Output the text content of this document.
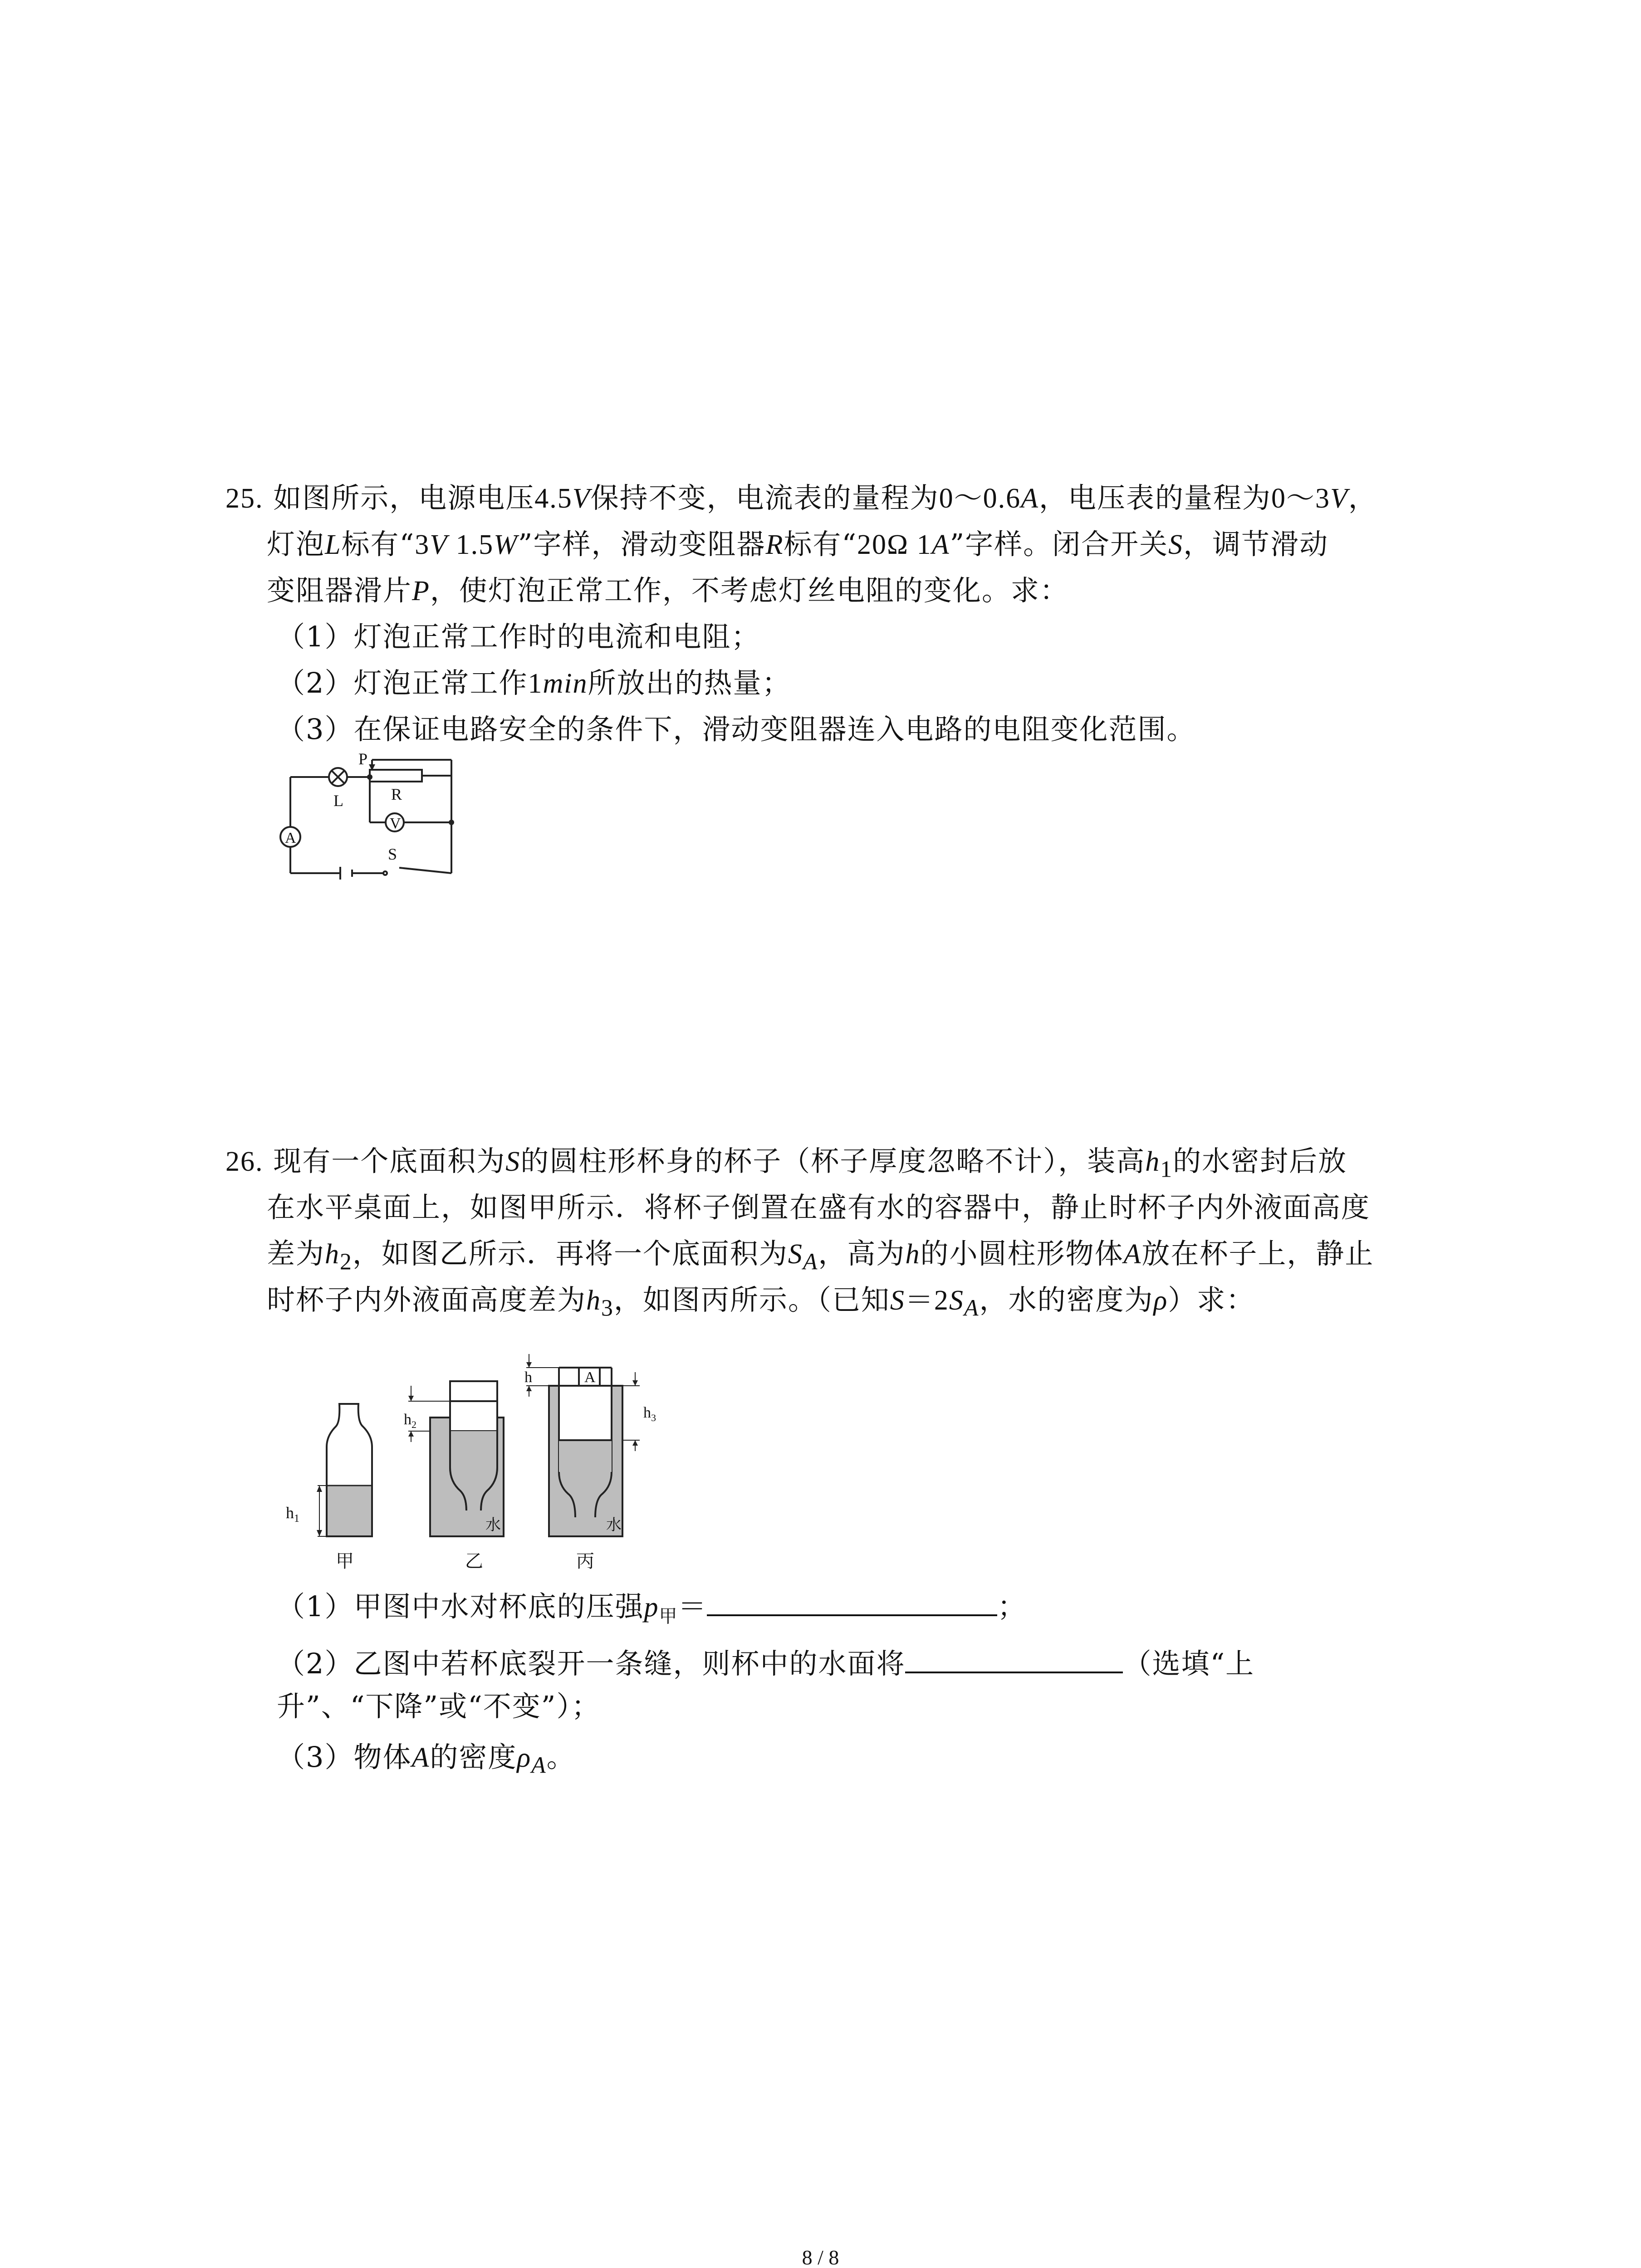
25. 如图所示，电源电压4.5V保持不变，电流表的量程为0～0.6A，电压表的量程为0～3V，
灯泡L标有“3V 1.5W”字样，滑动变阻器R标有“20Ω 1A”字样。闭合开关S，调节滑动
变阻器滑片P，使灯泡正常工作，不考虑灯丝电阻的变化。求：
（1）灯泡正常工作时的电流和电阻；
（2）灯泡正常工作1min所放出的热量；
（3）在保证电路安全的条件下，滑动变阻器连入电路的电阻变化范围。
P
R
L
V
A
S
26. 现有一个底面积为S的圆柱形杯身的杯子（杯子厚度忽略不计），装高$h_1$的水密封后放
在水平桌面上，如图甲所示．将杯子倒置在盛有水的容器中，静止时杯子内外液面高度
差为$h_2$，如图乙所示．再将一个底面积为$S_A$，高为h的小圆柱形物体A放在杯子上，静止
时杯子内外液面高度差为$h_3$，如图丙所示。（已知$S=2S_A$，水的密度为ρ）求：
$h_1$
甲
$h_2$
水
乙
h	A
$h_3$
水
丙
（1）甲图中水对杯底的压强$p_甲=$	；
（2）乙图中若杯底裂开一条缝，则杯中的水面将	（选填“上
升”、“下降”或“不变”）；
（3）物体A的密度$\rho_A$。
8 / 8
